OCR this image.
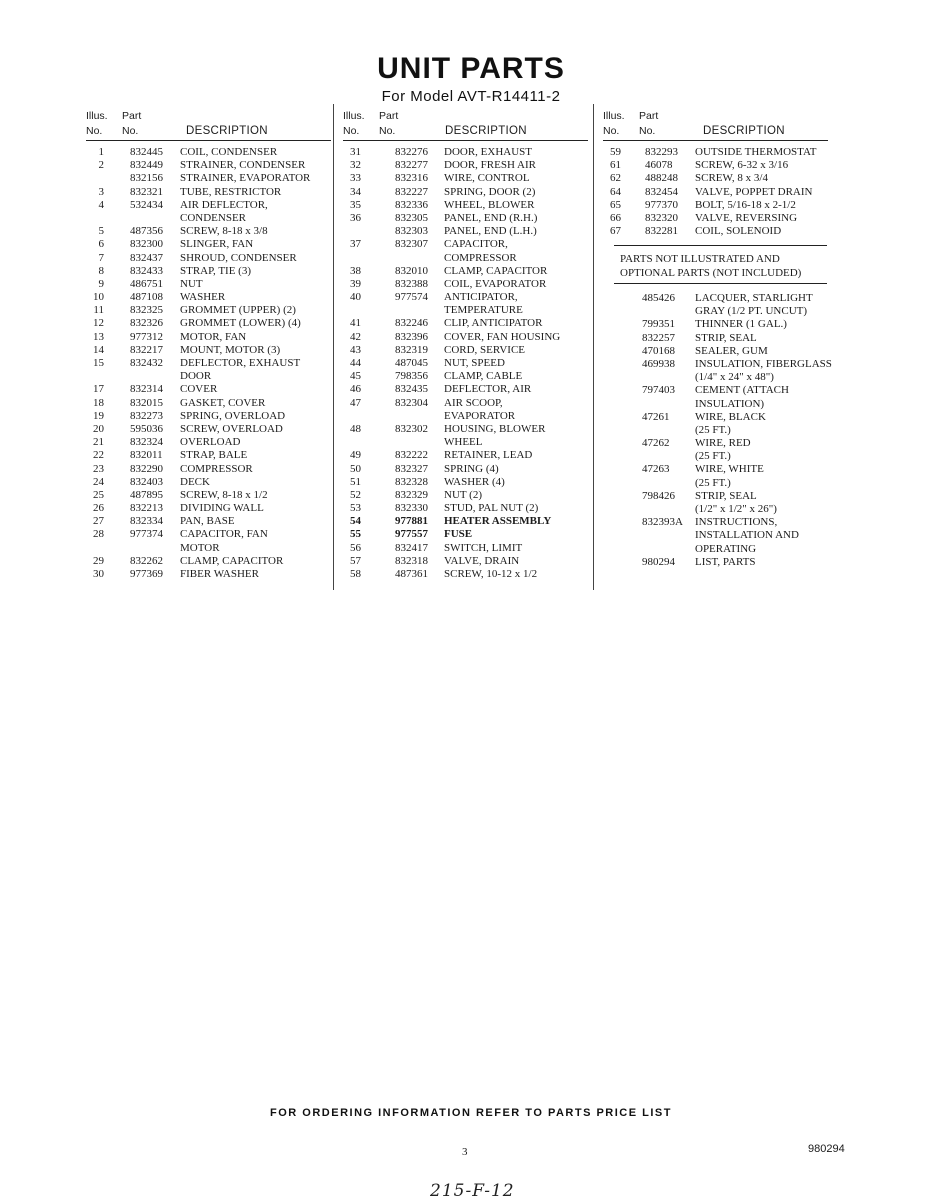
UNIT PARTS
For Model AVT-R14411-2
Illus. Part
No. No.	DESCRIPTION
1 832445 COIL, CONDENSER
2 832449 STRAINER, CONDENSER
832156 STRAINER, EVAPORATOR
3 832321 TUBE, RESTRICTOR
4 532434 AIR DEFLECTOR,
CONDENSER
5 487356 SCREW, 8-18 x 3/8
6 832300 SLINGER, FAN
7 832437 SHROUD, CONDENSER
8 832433 STRAP, TIE (3)
9 486751 NUT
10 487108 WASHER
11 832325 GROMMET (UPPER) (2)
12 832326 GROMMET (LOWER) (4)
13 977312 MOTOR, FAN
14 832217 MOUNT, MOTOR (3)
15 832432 DEFLECTOR, EXHAUST
DOOR
17 832314 COVER
18 832015 GASKET, COVER
19 832273 SPRING, OVERLOAD
20 595036 SCREW, OVERLOAD
21 832324 OVERLOAD
22 832011 STRAP, BALE
23 832290 COMPRESSOR
24 832403 DECK
25 487895 SCREW, 8-18 x 1/2
26 832213 DIVIDING WALL
27 832334 PAN, BASE
28 977374 CAPACITOR, FAN
MOTOR
29 832262 CLAMP, CAPACITOR
30 977369 FIBER WASHER
Illus. Part
No. No.	DESCRIPTION
31	832276 DOOR, EXHAUST
32	832277 DOOR, FRESH AIR
33	832316 WIRE, CONTROL
34	832227 SPRING, DOOR (2)
35	832336 WHEEL, BLOWER
36	832305 PANEL, END (R.H.)
832303 PANEL, END (L.H.)
37	832307 CAPACITOR,
COMPRESSOR
38	832010 CLAMP, CAPACITOR
39	832388 COIL, EVAPORATOR
40	977574 ANTICIPATOR,
TEMPERATURE
41	832246 CLIP, ANTICIPATOR
42	832396 COVER, FAN HOUSING
43	832319 CORD, SERVICE
44	487045 NUT, SPEED
45	798356 CLAMP, CABLE
46	832435 DEFLECTOR, AIR
47	832304 AIR SCOOP,
EVAPORATOR
48	832302 HOUSING, BLOWER
WHEEL
49	832222 RETAINER, LEAD
50	832327 SPRING (4)
51	832328 WASHER (4)
52	832329 NUT (2)
53	832330 STUD, PAL NUT (2)
54	977881 HEATER ASSEMBLY
55	977557 FUSE
56	832417 SWITCH, LIMIT
57	832318 VALVE, DRAIN
58	487361 SCREW, 10-12 x 1/2
Illus. Part
No. No.	DESCRIPTION
59 832293 OUTSIDE THERMOSTAT
61 46078 SCREW, 6-32 x 3/16
62 488248 SCREW, 8 x 3/4
64 832454 VALVE, POPPET DRAIN
65 977370 BOLT, 5/16-18 x 2-1/2
66 832320 VALVE, REVERSING
67 832281 COIL, SOLENOID
PARTS NOT ILLUSTRATED AND OPTIONAL PARTS (NOT INCLUDED)
485426 LACQUER, STARLIGHT
GRAY (1/2 PT. UNCUT)
799351 THINNER (1 GAL.)
832257 STRIP, SEAL
470168 SEALER, GUM
469938 INSULATION, FIBERGLASS
(1/4" x 24" x 48")
797403 CEMENT (ATTACH
INSULATION)
47261 WIRE, BLACK
(25 FT.)
47262 WIRE, RED
(25 FT.)
47263 WIRE, WHITE
(25 FT.)
798426 STRIP, SEAL
(1/2" x 1/2" x 26")
832393A INSTRUCTIONS,
INSTALLATION AND
OPERATING
980294 LIST, PARTS
FOR ORDERING INFORMATION REFER TO PARTS PRICE LIST
3	980294
215-F-12
